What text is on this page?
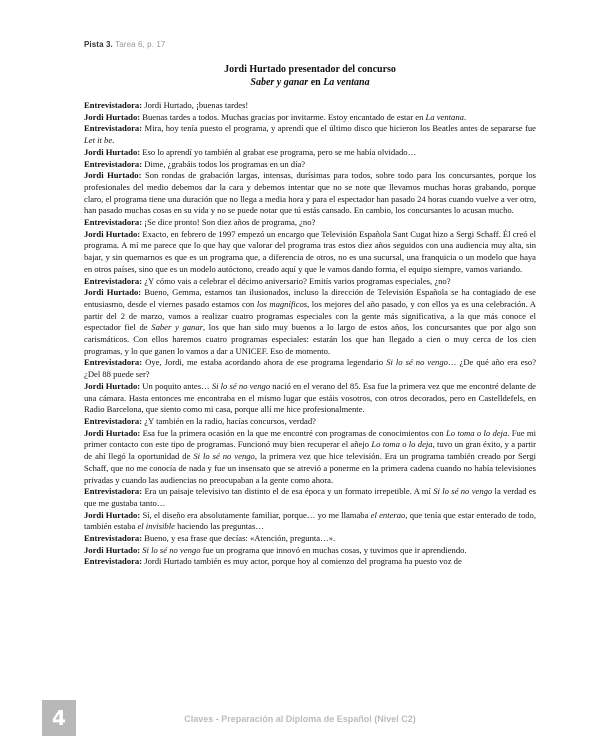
Pista 3. Tarea 6, p. 17
Jordi Hurtado presentador del concurso
Saber y ganar en La ventana

Entrevistadora: Jordi Hurtado, ¡buenas tardes!

Jordi Hurtado: Buenas tardes a todos. Muchas gracias por invitarme. Estoy encantado de estar en La ventana.

Entrevistadora: Mira, hoy tenía puesto el programa, y aprendí que el último disco que hicieron los Beatles antes de separarse fue Let it be.

Jordi Hurtado: Eso lo aprendí yo también al grabar ese programa, pero se me había olvidado…

Entrevistadora: Dime, ¿grabáis todos los programas en un día?

Jordi Hurtado: Son rondas de grabación largas, intensas, durísimas para todos, sobre todo para los concursantes, porque los profesionales del medio debemos dar la cara y debemos intentar que no se note que llevamos muchas horas grabando, porque claro, el programa tiene una duración que no llega a media hora y para el espectador han pasado 24 horas cuando vuelve a ver otro, han pasado muchas cosas en su vida y no se puede notar que tú estás cansado. En cambio, los concursantes lo acusan mucho.

Entrevistadora: ¡Se dice pronto! Son diez años de programa, ¿no?

Jordi Hurtado: Exacto, en febrero de 1997 empezó un encargo que Televisión Española Sant Cugat hizo a Sergi Schaff. Él creó el programa. A mí me parece que lo que hay que valorar del programa tras estos diez años seguidos con una audiencia muy alta, sin bajar, y sin quemarnos es que es un programa que, a diferencia de otros, no es una sucursal, una franquicia o un modelo que haya en otros países, sino que es un modelo autóctono, creado aquí y que le vamos dando forma, el equipo siempre, vamos variando.

Entrevistadora: ¿Y cómo vais a celebrar el décimo aniversario? Emitís varios programas especiales, ¿no?

Jordi Hurtado: Bueno, Gemma, estamos tan ilusionados, incluso la dirección de Televisión Española se ha contagiado de ese entusiasmo, desde el viernes pasado estamos con los magníficos, los mejores del año pasado, y con ellos ya es una celebración. A partir del 2 de marzo, vamos a realizar cuatro programas especiales con la gente más significativa, a la que más conoce el espectador fiel de Saber y ganar, los que han sido muy buenos a lo largo de estos años, los concursantes que por algo son carismáticos. Con ellos haremos cuatro programas especiales: estarán los que han llegado a cien o muy cerca de los cien programas, y lo que ganen lo vamos a dar a UNICEF. Eso de momento.

Entrevistadora: Oye, Jordi, me estaba acordando ahora de ese programa legendario Si lo sé no vengo… ¿De qué año era eso? ¿Del 88 puede ser?

Jordi Hurtado: Un poquito antes… Si lo sé no vengo nació en el verano del 85. Esa fue la primera vez que me encontré delante de una cámara. Hasta entonces me encontraba en el mismo lugar que estáis vosotros, con otros decorados, pero en Castelldefels, en Radio Barcelona, que siento como mi casa, porque allí me hice profesionalmente.

Entrevistadora: ¿Y también en la radio, hacías concursos, verdad?

Jordi Hurtado: Esa fue la primera ocasión en la que me encontré con programas de conocimientos con Lo toma o lo deja. Fue mi primer contacto con este tipo de programas. Funcionó muy bien recuperar el añejo Lo toma o lo deja, tuvo un gran éxito, y a partir de ahí llegó la oportunidad de Si lo sé no vengo, la primera vez que hice televisión. Era un programa también creado por Sergi Schaff, que no me conocía de nada y fue un insensato que se atrevió a ponerme en la primera cadena cuando no había televisiones privadas y cuando las audiencias no preocupaban a la gente como ahora.

Entrevistadora: Era un paisaje televisivo tan distinto el de esa época y un formato irrepetible. A mí Si lo sé no vengo la verdad es que me gustaba tanto…

Jordi Hurtado: Sí, el diseño era absolutamente familiar, porque… yo me llamaba el enterao, que tenía que estar enterado de todo, también estaba el invisible haciendo las preguntas…

Entrevistadora: Bueno, y esa frase que decías: «Atención, pregunta…».

Jordi Hurtado: Si lo sé no vengo fue un programa que innovó en muchas cosas, y tuvimos que ir aprendiendo.

Entrevistadora: Jordi Hurtado también es muy actor, porque hoy al comienzo del programa ha puesto voz de

4	Claves - Preparación al Diploma de Español (Nivel C2)
